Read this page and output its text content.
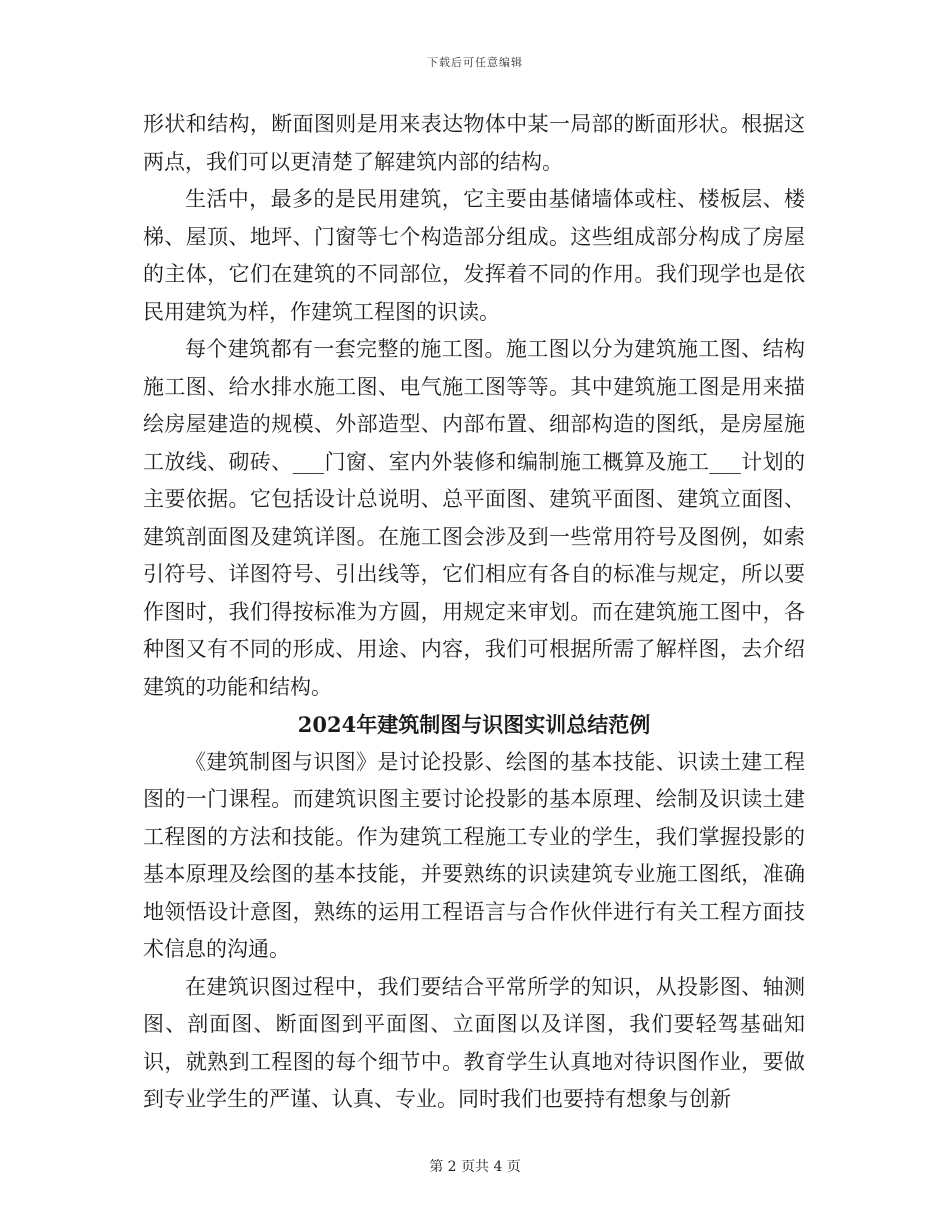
下载后可任意编辑

形状和结构，断面图则是用来表达物体中某一局部的断面形状。根据这两点，我们可以更清楚了解建筑内部的结构。

生活中，最多的是民用建筑，它主要由基储墙体或柱、楼板层、楼梯、屋顶、地坪、门窗等七个构造部分组成。这些组成部分构成了房屋的主体，它们在建筑的不同部位，发挥着不同的作用。我们现学也是依民用建筑为样，作建筑工程图的识读。

每个建筑都有一套完整的施工图。施工图以分为建筑施工图、结构施工图、给水排水施工图、电气施工图等等。其中建筑施工图是用来描绘房屋建造的规模、外部造型、内部布置、细部构造的图纸，是房屋施工放线、砌砖、___门窗、室内外装修和编制施工概算及施工___计划的主要依据。它包括设计总说明、总平面图、建筑平面图、建筑立面图、建筑剖面图及建筑详图。在施工图会涉及到一些常用符号及图例，如索引符号、详图符号、引出线等，它们相应有各自的标准与规定，所以要作图时，我们得按标准为方圆，用规定来审划。而在建筑施工图中，各种图又有不同的形成、用途、内容，我们可根据所需了解样图，去介绍建筑的功能和结构。

2024年建筑制图与识图实训总结范例

《建筑制图与识图》是讨论投影、绘图的基本技能、识读土建工程图的一门课程。而建筑识图主要讨论投影的基本原理、绘制及识读土建工程图的方法和技能。作为建筑工程施工专业的学生，我们掌握投影的基本原理及绘图的基本技能，并要熟练的识读建筑专业施工图纸，准确地领悟设计意图，熟练的运用工程语言与合作伙伴进行有关工程方面技术信息的沟通。

在建筑识图过程中，我们要结合平常所学的知识，从投影图、轴测图、剖面图、断面图到平面图、立面图以及详图，我们要轻驾基础知识，就熟到工程图的每个细节中。教育学生认真地对待识图作业，要做到专业学生的严谨、认真、专业。同时我们也要持有想象与创新

第 2 页共 4 页
